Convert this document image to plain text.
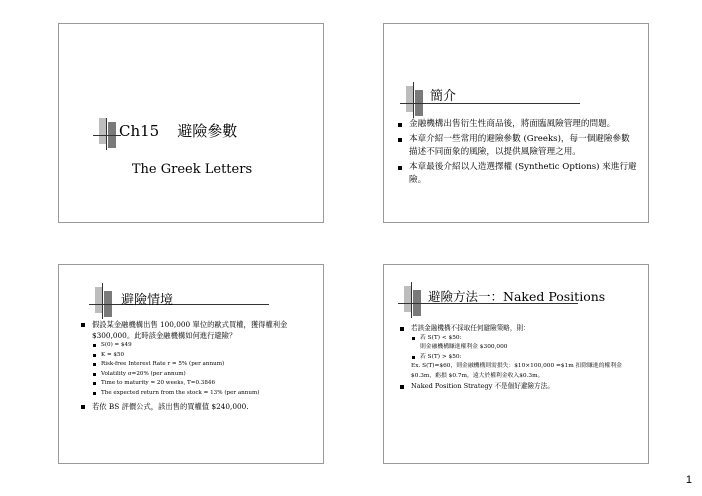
Ch15 避險參數
The Greek Letters
簡介
金融機構出售衍生性商品後，將面臨風險管理的問題。
本章介紹一些常用的避險參數 (Greeks)，每一個避險參數描述不同面象的風險，以提供風險管理之用。
本章最後介紹以人造選擇權 (Synthetic Options) 來進行避險。
避險情境
假設某金融機構出售 100,000 單位的歐式買權，獲得權利金 $300,000。此時該金融機構如何進行避險？
S(0) = $49
K = $50
Risk-free Interest Rate r = 5% (per annum)
Volatility σ=20% (per annum)
Time to maturity = 20 weeks, T=0.3846
The expected return from the stock = 13% (per annum)
若依 BS 評價公式，該出售的買權值 $240,000.
避險方法一：Naked Positions
若該金融機構不採取任何避險策略，則：
若 S(T) < $50:
則金融機構賺進權利金 $300,000
若 S(T) > $50:
Ex. S(T)=$60，則金融機構則需損失：$10×100,000 =$1m 扣除賺進的權利金 $0.3m，虧損 $0.7m，遠大於權利金收入$0.3m。
Naked Position Strategy 不是個好避險方法。
1
